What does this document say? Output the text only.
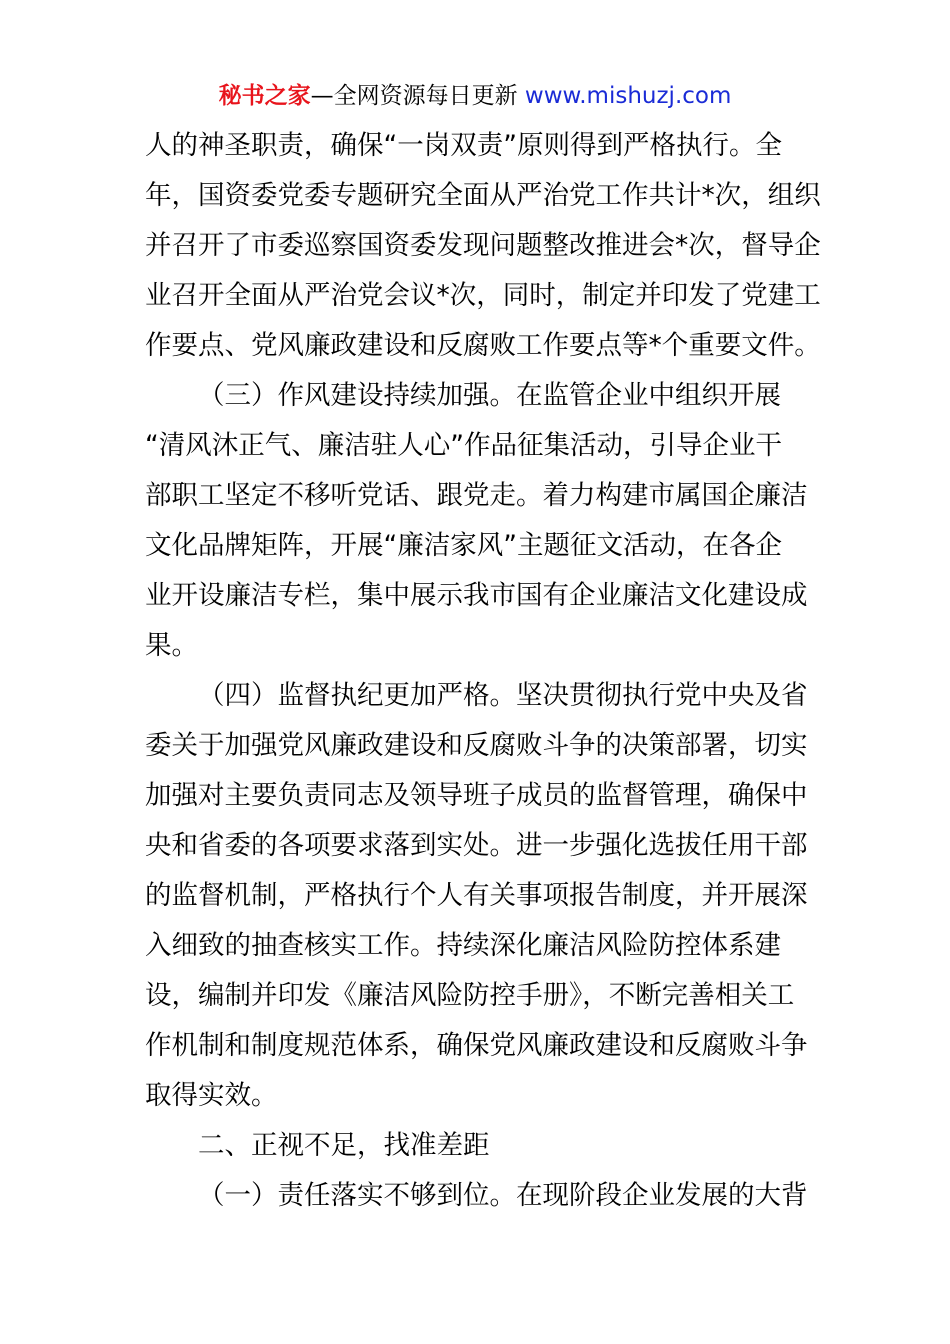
秘书之家—全网资源每日更新 www.mishuzj.com
人的神圣职责，确保“一岗双责”原则得到严格执行。全
年，国资委党委专题研究全面从严治党工作共计*次，组织
并召开了市委巡察国资委发现问题整改推进会*次，督导企
业召开全面从严治党会议*次，同时，制定并印发了党建工
作要点、党风廉政建设和反腐败工作要点等*个重要文件。
（三）作风建设持续加强。在监管企业中组织开展
“清风沐正气、廉洁驻人心”作品征集活动，引导企业干
部职工坚定不移听党话、跟党走。着力构建市属国企廉洁
文化品牌矩阵，开展“廉洁家风”主题征文活动，在各企
业开设廉洁专栏，集中展示我市国有企业廉洁文化建设成
果。
（四）监督执纪更加严格。坚决贯彻执行党中央及省
委关于加强党风廉政建设和反腐败斗争的决策部署，切实
加强对主要负责同志及领导班子成员的监督管理，确保中
央和省委的各项要求落到实处。进一步强化选拔任用干部
的监督机制，严格执行个人有关事项报告制度，并开展深
入细致的抽查核实工作。持续深化廉洁风险防控体系建
设，编制并印发《廉洁风险防控手册》，不断完善相关工
作机制和制度规范体系，确保党风廉政建设和反腐败斗争
取得实效。
二、正视不足，找准差距
（一）责任落实不够到位。在现阶段企业发展的大背
